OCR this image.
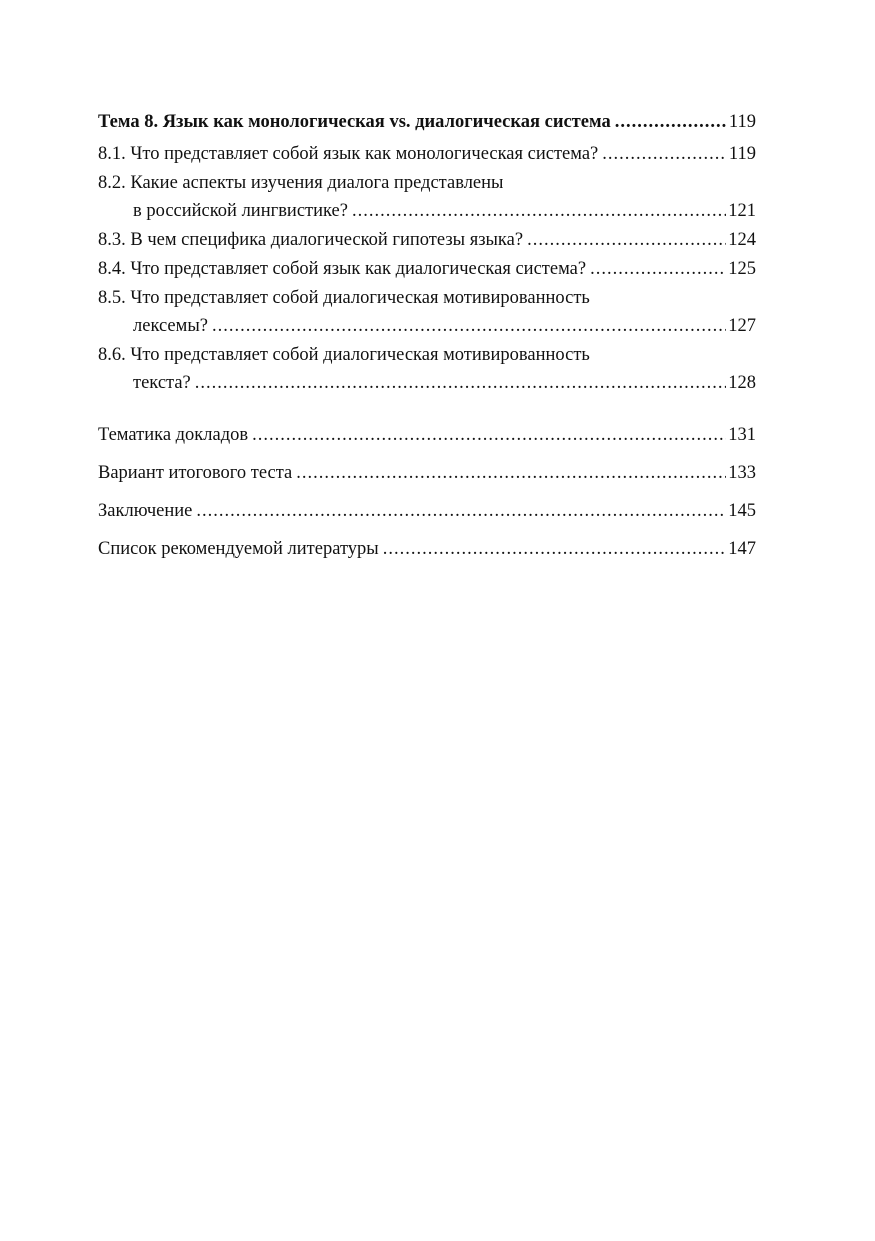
Тема 8. Язык как монологическая vs. диалогическая система .....	119
8.1. Что представляет собой язык как монологическая система? .....	119
8.2. Какие аспекты изучения диалога представлены
в российской лингвистике? .....	121
8.3. В чем специфика диалогической гипотезы языка? .....	124
8.4. Что представляет собой язык как диалогическая система? .....	125
8.5. Что представляет собой диалогическая мотивированность
лексемы? .....	127
8.6. Что представляет собой диалогическая мотивированность
текста? .....	128
Тематика докладов .....	131
Вариант итогового теста .....	133
Заключение .....	145
Список рекомендуемой литературы .....	147
